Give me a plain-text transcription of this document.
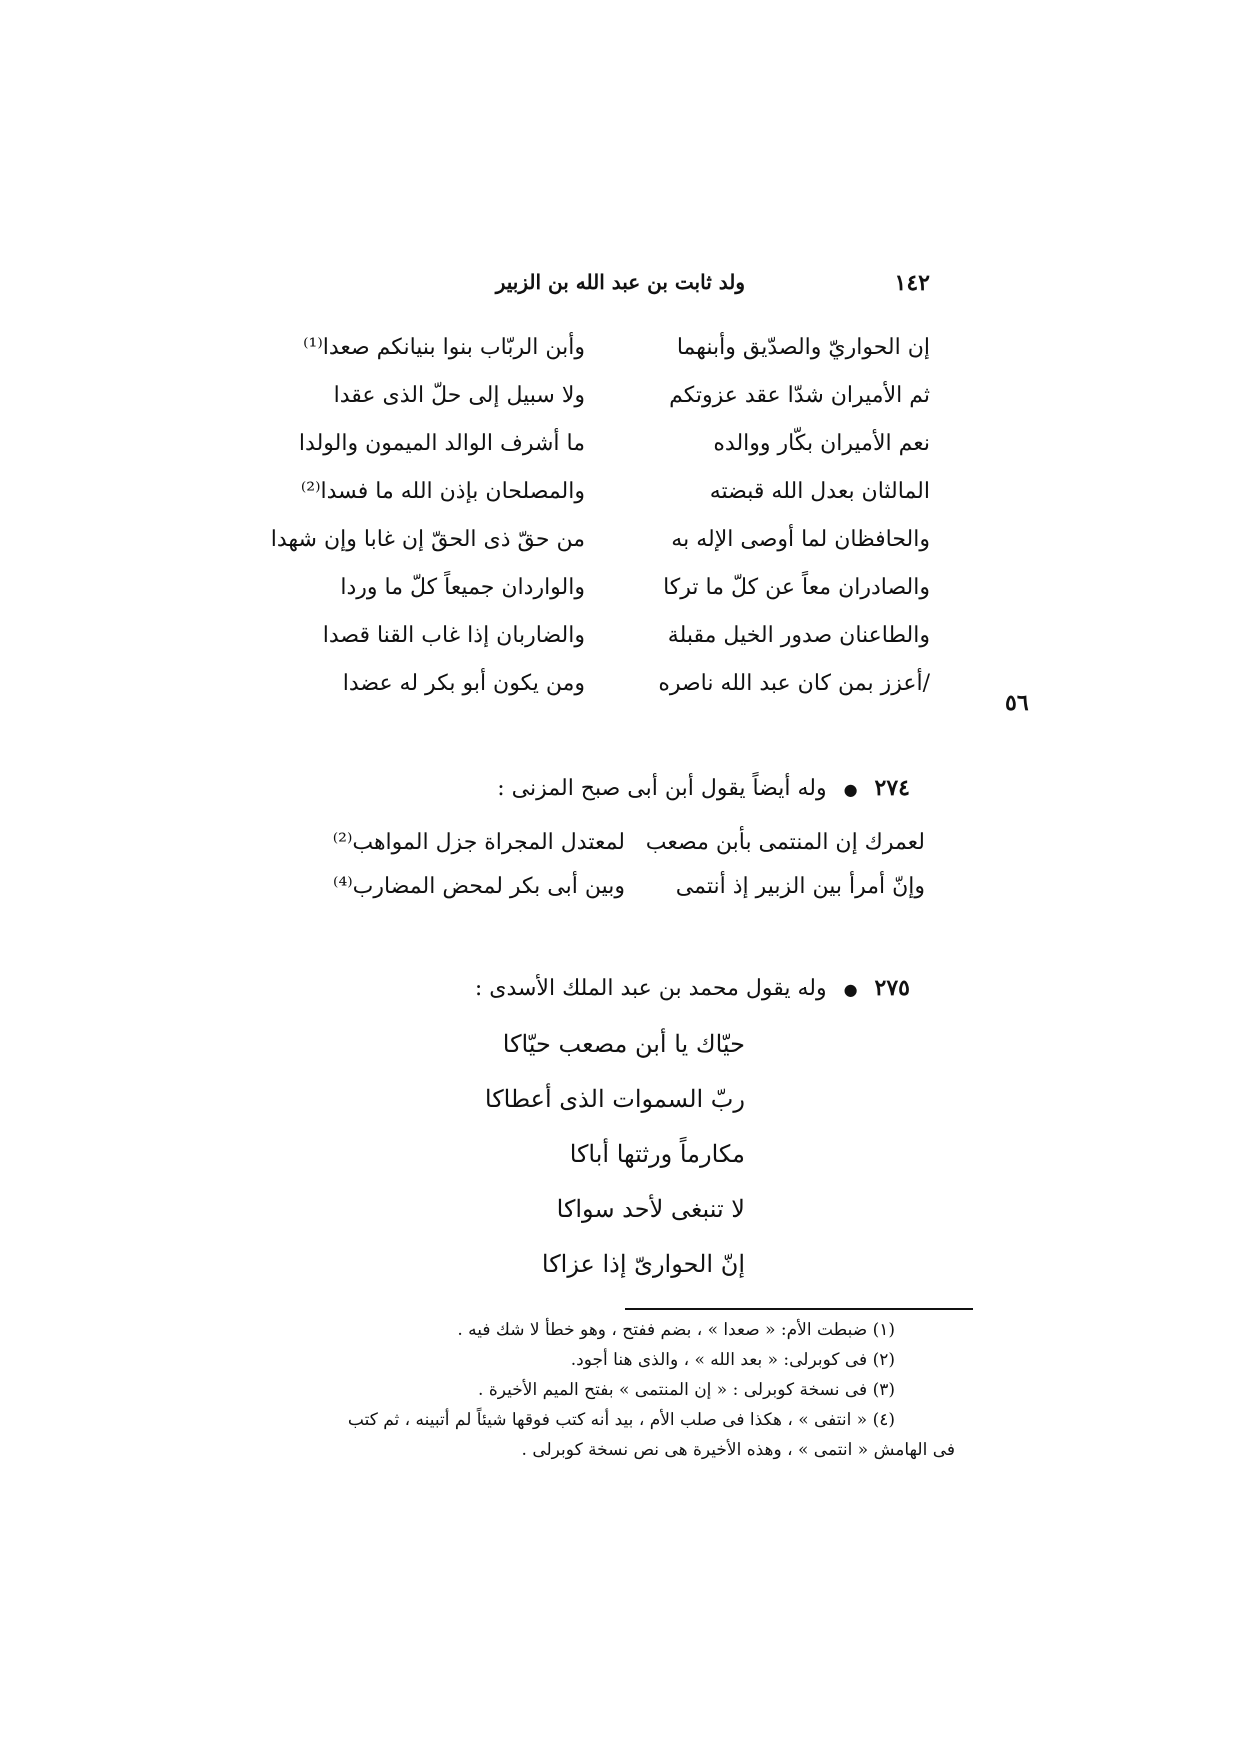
١٤٢
ولد ثابت بن عبد الله بن الزبير
إن الحواريّ والصدّيق وأبنهما
وأبن الربّاب بنوا بنيانكم صعدا⁽¹⁾
ثم الأميران شدّا عقد عزوتكم
ولا سبيل إلى حلّ الذى عقدا
نعم الأميران بكّار ووالده
ما أشرف الوالد الميمون والولدا
المالثان بعدل الله قبضته
والمصلحان بإذن الله ما فسدا⁽²⁾
والحافظان لما أوصى الإله به
من حقّ ذى الحقّ إن غابا وإن شهدا
والصادران معاً عن كلّ ما تركا
والواردان جميعاً كلّ ما وردا
والطاعنان صدور الخيل مقبلة
والضاربان إذا غاب القنا قصدا
/أعزز بمن كان عبد الله ناصره
ومن يكون أبو بكر له عضدا
٥٦
٢٧٤ ● وله أيضاً يقول أبن أبى صبح المزنى :
لعمرك إن المنتمى بأبن مصعب
لمعتدل المجراة جزل المواهب⁽²⁾
وإنّ أمرأ بين الزبير إذ أنتمى
وبين أبى بكر لمحض المضارب⁽⁴⁾
٢٧٥ ● وله يقول محمد بن عبد الملك الأسدى :
حيّاك يا أبن مصعب حيّاكا
ربّ السموات الذى أعطاكا
مكارماً ورثتها أباكا
لا تنبغى لأحد سواكا
إنّ الحوارىّ إذا عزاكا
(١) ضبطت الأم: « صعدا » ، بضم ففتح ، وهو خطأ لا شك فيه .
(٢) فى كوبرلى: « بعد الله » ، والذى هنا أجود.
(٣) فى نسخة كوبرلى : « إن المنتمى » بفتح الميم الأخيرة .
(٤) « انتفى » ، هكذا فى صلب الأم ، بيد أنه كتب فوقها شيئاً لم أتبينه ، ثم كتب
فى الهامش « انتمى » ، وهذه الأخيرة هى نص نسخة كوبرلى .
